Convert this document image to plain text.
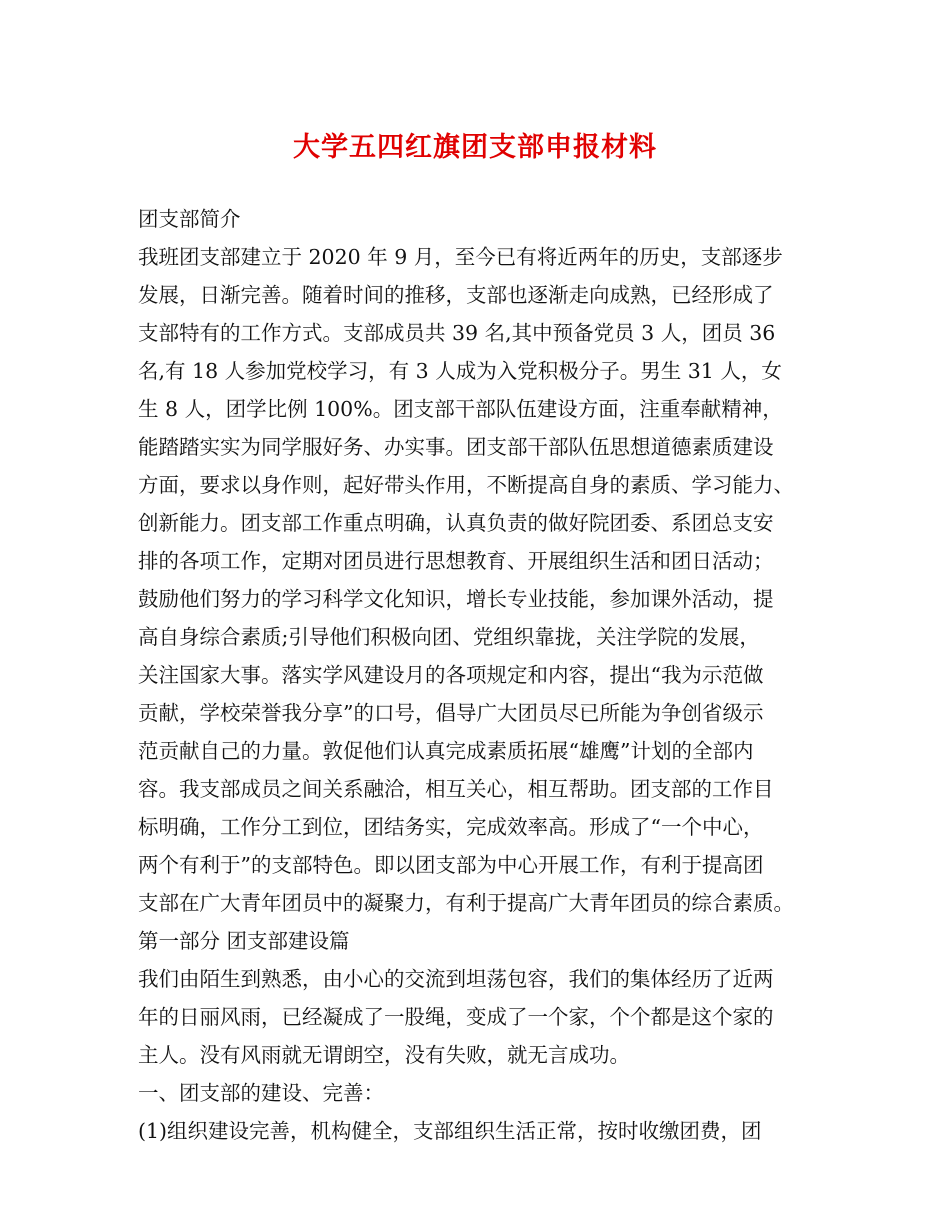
大学五四红旗团支部申报材料
团支部简介
我班团支部建立于 2020 年 9 月，至今已有将近两年的历史，支部逐步
发展，日渐完善。随着时间的推移，支部也逐渐走向成熟，已经形成了
支部特有的工作方式。支部成员共 39 名,其中预备党员 3 人，团员 36
名,有 18 人参加党校学习，有 3 人成为入党积极分子。男生 31 人，女
生 8 人，团学比例 100%。团支部干部队伍建设方面，注重奉献精神，
能踏踏实实为同学服好务、办实事。团支部干部队伍思想道德素质建设
方面，要求以身作则，起好带头作用，不断提高自身的素质、学习能力、
创新能力。团支部工作重点明确，认真负责的做好院团委、系团总支安
排的各项工作，定期对团员进行思想教育、开展组织生活和团日活动；
鼓励他们努力的学习科学文化知识，增长专业技能，参加课外活动，提
高自身综合素质;引导他们积极向团、党组织靠拢，关注学院的发展，
关注国家大事。落实学风建设月的各项规定和内容，提出“我为示范做
贡献，学校荣誉我分享”的口号，倡导广大团员尽已所能为争创省级示
范贡献自己的力量。敦促他们认真完成素质拓展“雄鹰”计划的全部内
容。我支部成员之间关系融洽，相互关心，相互帮助。团支部的工作目
标明确，工作分工到位，团结务实，完成效率高。形成了“一个中心，
两个有利于”的支部特色。即以团支部为中心开展工作，有利于提高团
支部在广大青年团员中的凝聚力，有利于提高广大青年团员的综合素质。
第一部分 团支部建设篇
我们由陌生到熟悉，由小心的交流到坦荡包容，我们的集体经历了近两
年的日丽风雨，已经凝成了一股绳，变成了一个家，个个都是这个家的
主人。没有风雨就无谓朗空，没有失败，就无言成功。
一、团支部的建设、完善：
(1)组织建设完善，机构健全，支部组织生活正常，按时收缴团费，团
